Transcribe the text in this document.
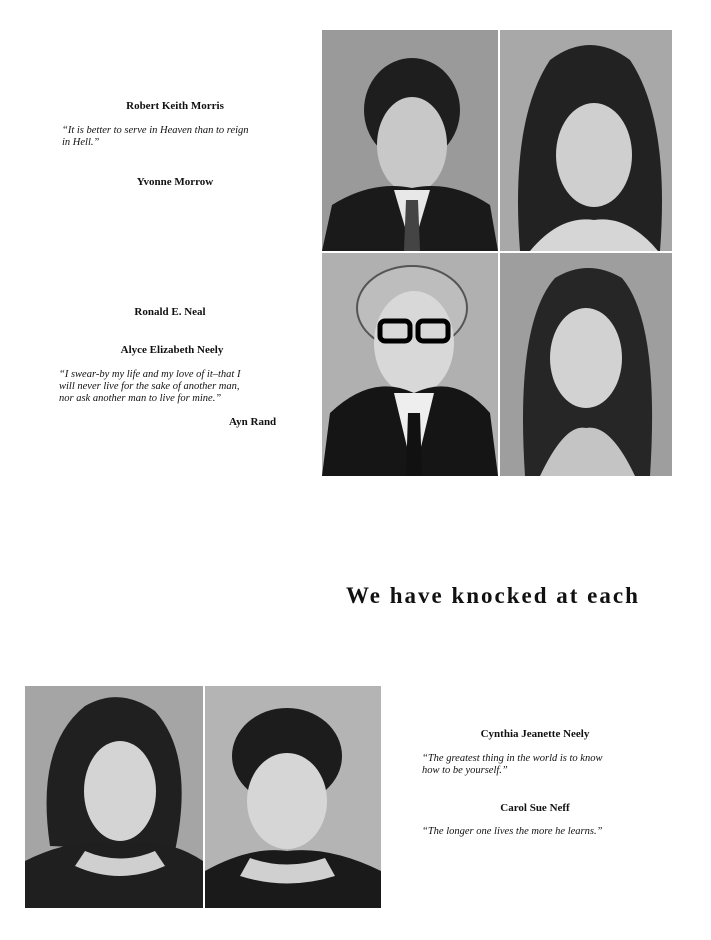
Robert Keith Morris
“It is better to serve in Heaven than to reign
in Hell.”
Yvonne Morrow
Ronald E. Neal
Alyce Elizabeth Neely
“I swear-by my life and my love of it–that I
will never live for the sake of another man,
nor ask another man to live for mine.”
Ayn Rand
We have knocked at each
Cynthia Jeanette Neely
“The greatest thing in the world is to know
how to be yourself.”
Carol Sue Neff
“The longer one lives the more he learns.”
